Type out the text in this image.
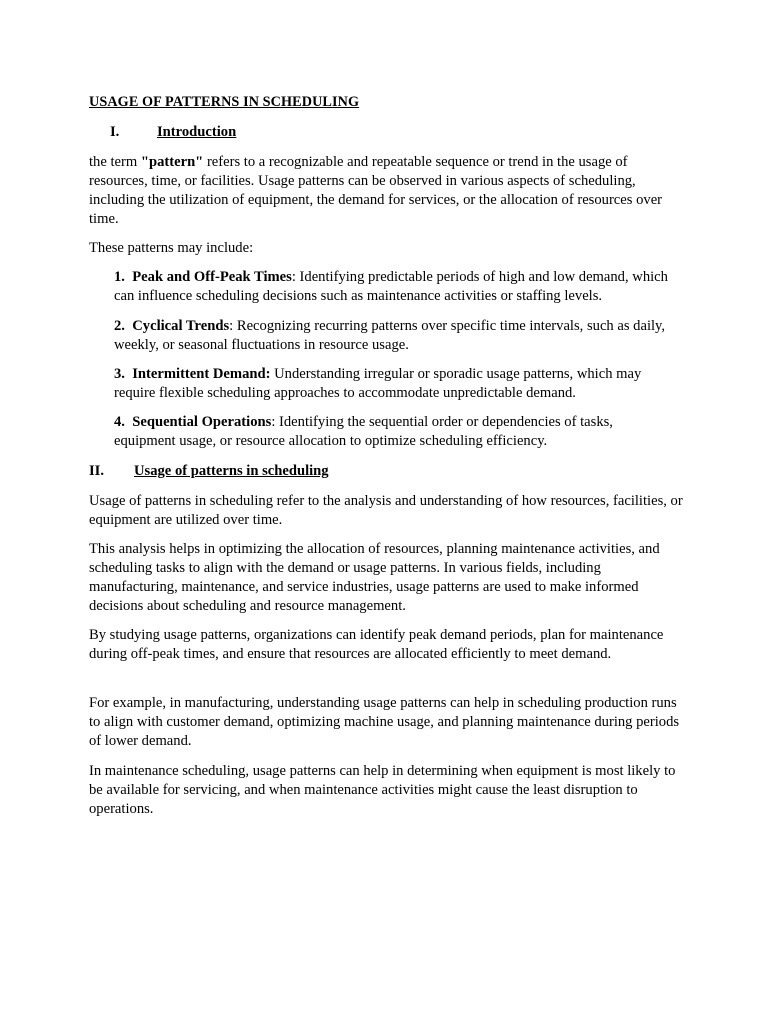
USAGE OF PATTERNS IN SCHEDULING
I.	Introduction

the term "pattern" refers to a recognizable and repeatable sequence or trend in the usage of resources, time, or facilities. Usage patterns can be observed in various aspects of scheduling, including the utilization of equipment, the demand for services, or the allocation of resources over time.

These patterns may include:

1. Peak and Off-Peak Times: Identifying predictable periods of high and low demand, which can influence scheduling decisions such as maintenance activities or staffing levels.

2. Cyclical Trends: Recognizing recurring patterns over specific time intervals, such as daily, weekly, or seasonal fluctuations in resource usage.

3. Intermittent Demand: Understanding irregular or sporadic usage patterns, which may require flexible scheduling approaches to accommodate unpredictable demand.

4. Sequential Operations: Identifying the sequential order or dependencies of tasks, equipment usage, or resource allocation to optimize scheduling efficiency.

II. Usage of patterns in scheduling

Usage of patterns in scheduling refer to the analysis and understanding of how resources, facilities, or equipment are utilized over time.

This analysis helps in optimizing the allocation of resources, planning maintenance activities, and scheduling tasks to align with the demand or usage patterns. In various fields, including manufacturing, maintenance, and service industries, usage patterns are used to make informed decisions about scheduling and resource management.

By studying usage patterns, organizations can identify peak demand periods, plan for maintenance during off-peak times, and ensure that resources are allocated efficiently to meet demand.

For example, in manufacturing, understanding usage patterns can help in scheduling production runs to align with customer demand, optimizing machine usage, and planning maintenance during periods of lower demand.

In maintenance scheduling, usage patterns can help in determining when equipment is most likely to be available for servicing, and when maintenance activities might cause the least disruption to operations.
